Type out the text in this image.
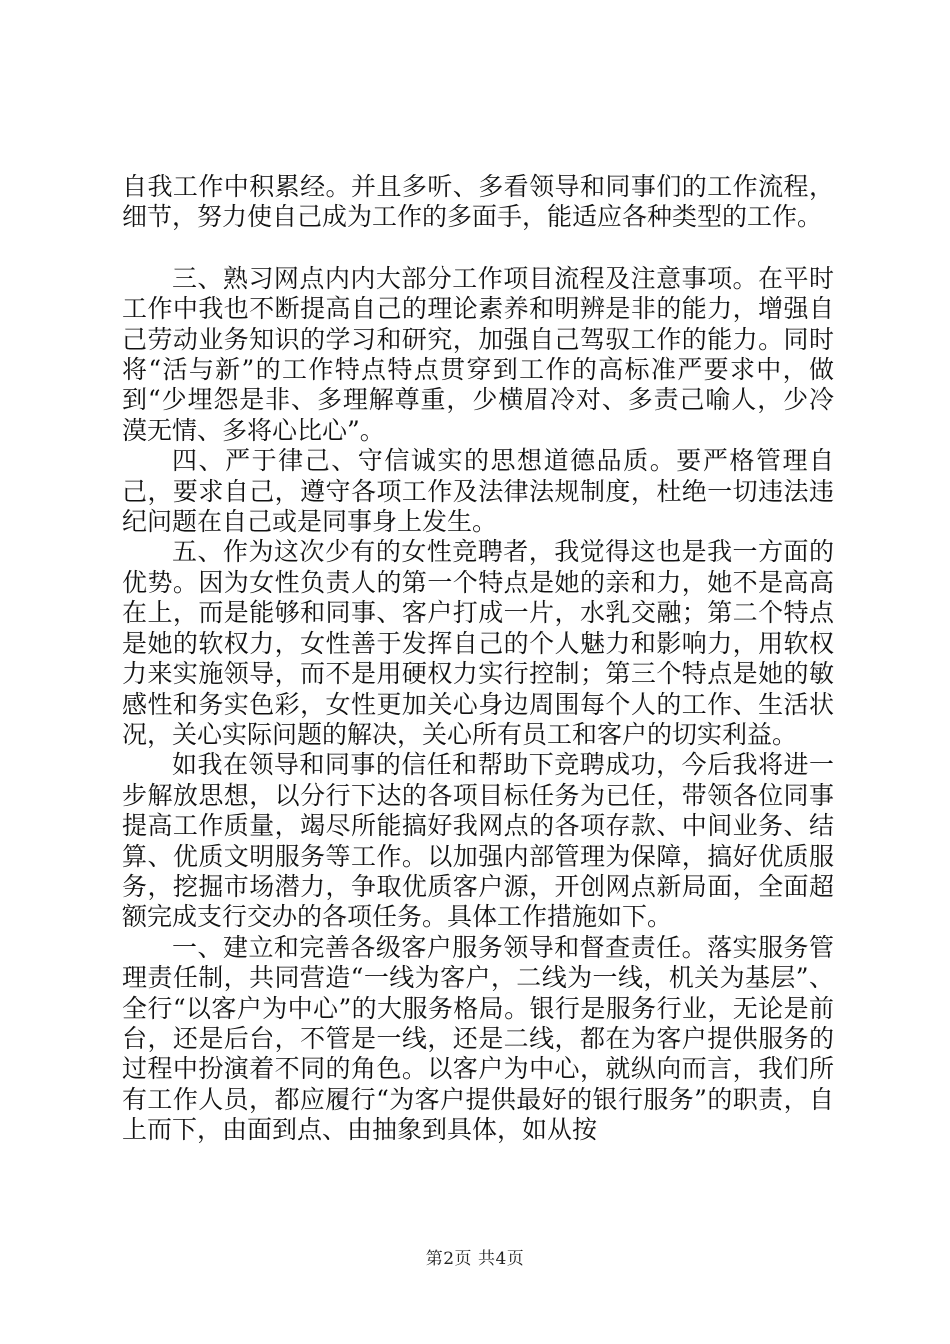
自我工作中积累经。并且多听、多看领导和同事们的工作流程，细节，努力使自己成为工作的多面手，能适应各种类型的工作。

三、熟习网点内内大部分工作项目流程及注意事项。在平时工作中我也不断提高自己的理论素养和明辨是非的能力，增强自己劳动业务知识的学习和研究，加强自己驾驭工作的能力。同时将“活与新”的工作特点特点贯穿到工作的高标准严要求中，做到“少埋怨是非、多理解尊重，少横眉冷对、多责己喻人，少冷漠无情、多将心比心”。

四、严于律己、守信诚实的思想道德品质。要严格管理自己，要求自己，遵守各项工作及法律法规制度，杜绝一切违法违纪问题在自己或是同事身上发生。

五、作为这次少有的女性竞聘者，我觉得这也是我一方面的优势。因为女性负责人的第一个特点是她的亲和力，她不是高高在上，而是能够和同事、客户打成一片，水乳交融；第二个特点是她的软权力，女性善于发挥自己的个人魅力和影响力，用软权力来实施领导，而不是用硬权力实行控制；第三个特点是她的敏感性和务实色彩，女性更加关心身边周围每个人的工作、生活状况，关心实际问题的解决，关心所有员工和客户的切实利益。

如我在领导和同事的信任和帮助下竞聘成功，今后我将进一步解放思想，以分行下达的各项目标任务为已任，带领各位同事提高工作质量，竭尽所能搞好我网点的各项存款、中间业务、结算、优质文明服务等工作。以加强内部管理为保障，搞好优质服务，挖掘市场潜力，争取优质客户源，开创网点新局面，全面超额完成支行交办的各项任务。具体工作措施如下。

一、建立和完善各级客户服务领导和督查责任。落实服务管理责任制，共同营造“一线为客户，二线为一线，机关为基层”、全行“以客户为中心”的大服务格局。银行是服务行业，无论是前台，还是后台，不管是一线，还是二线，都在为客户提供服务的过程中扮演着不同的角色。以客户为中心，就纵向而言，我们所有工作人员，都应履行“为客户提供最好的银行服务”的职责，自上而下，由面到点、由抽象到具体，如从按

第2页 共4页
